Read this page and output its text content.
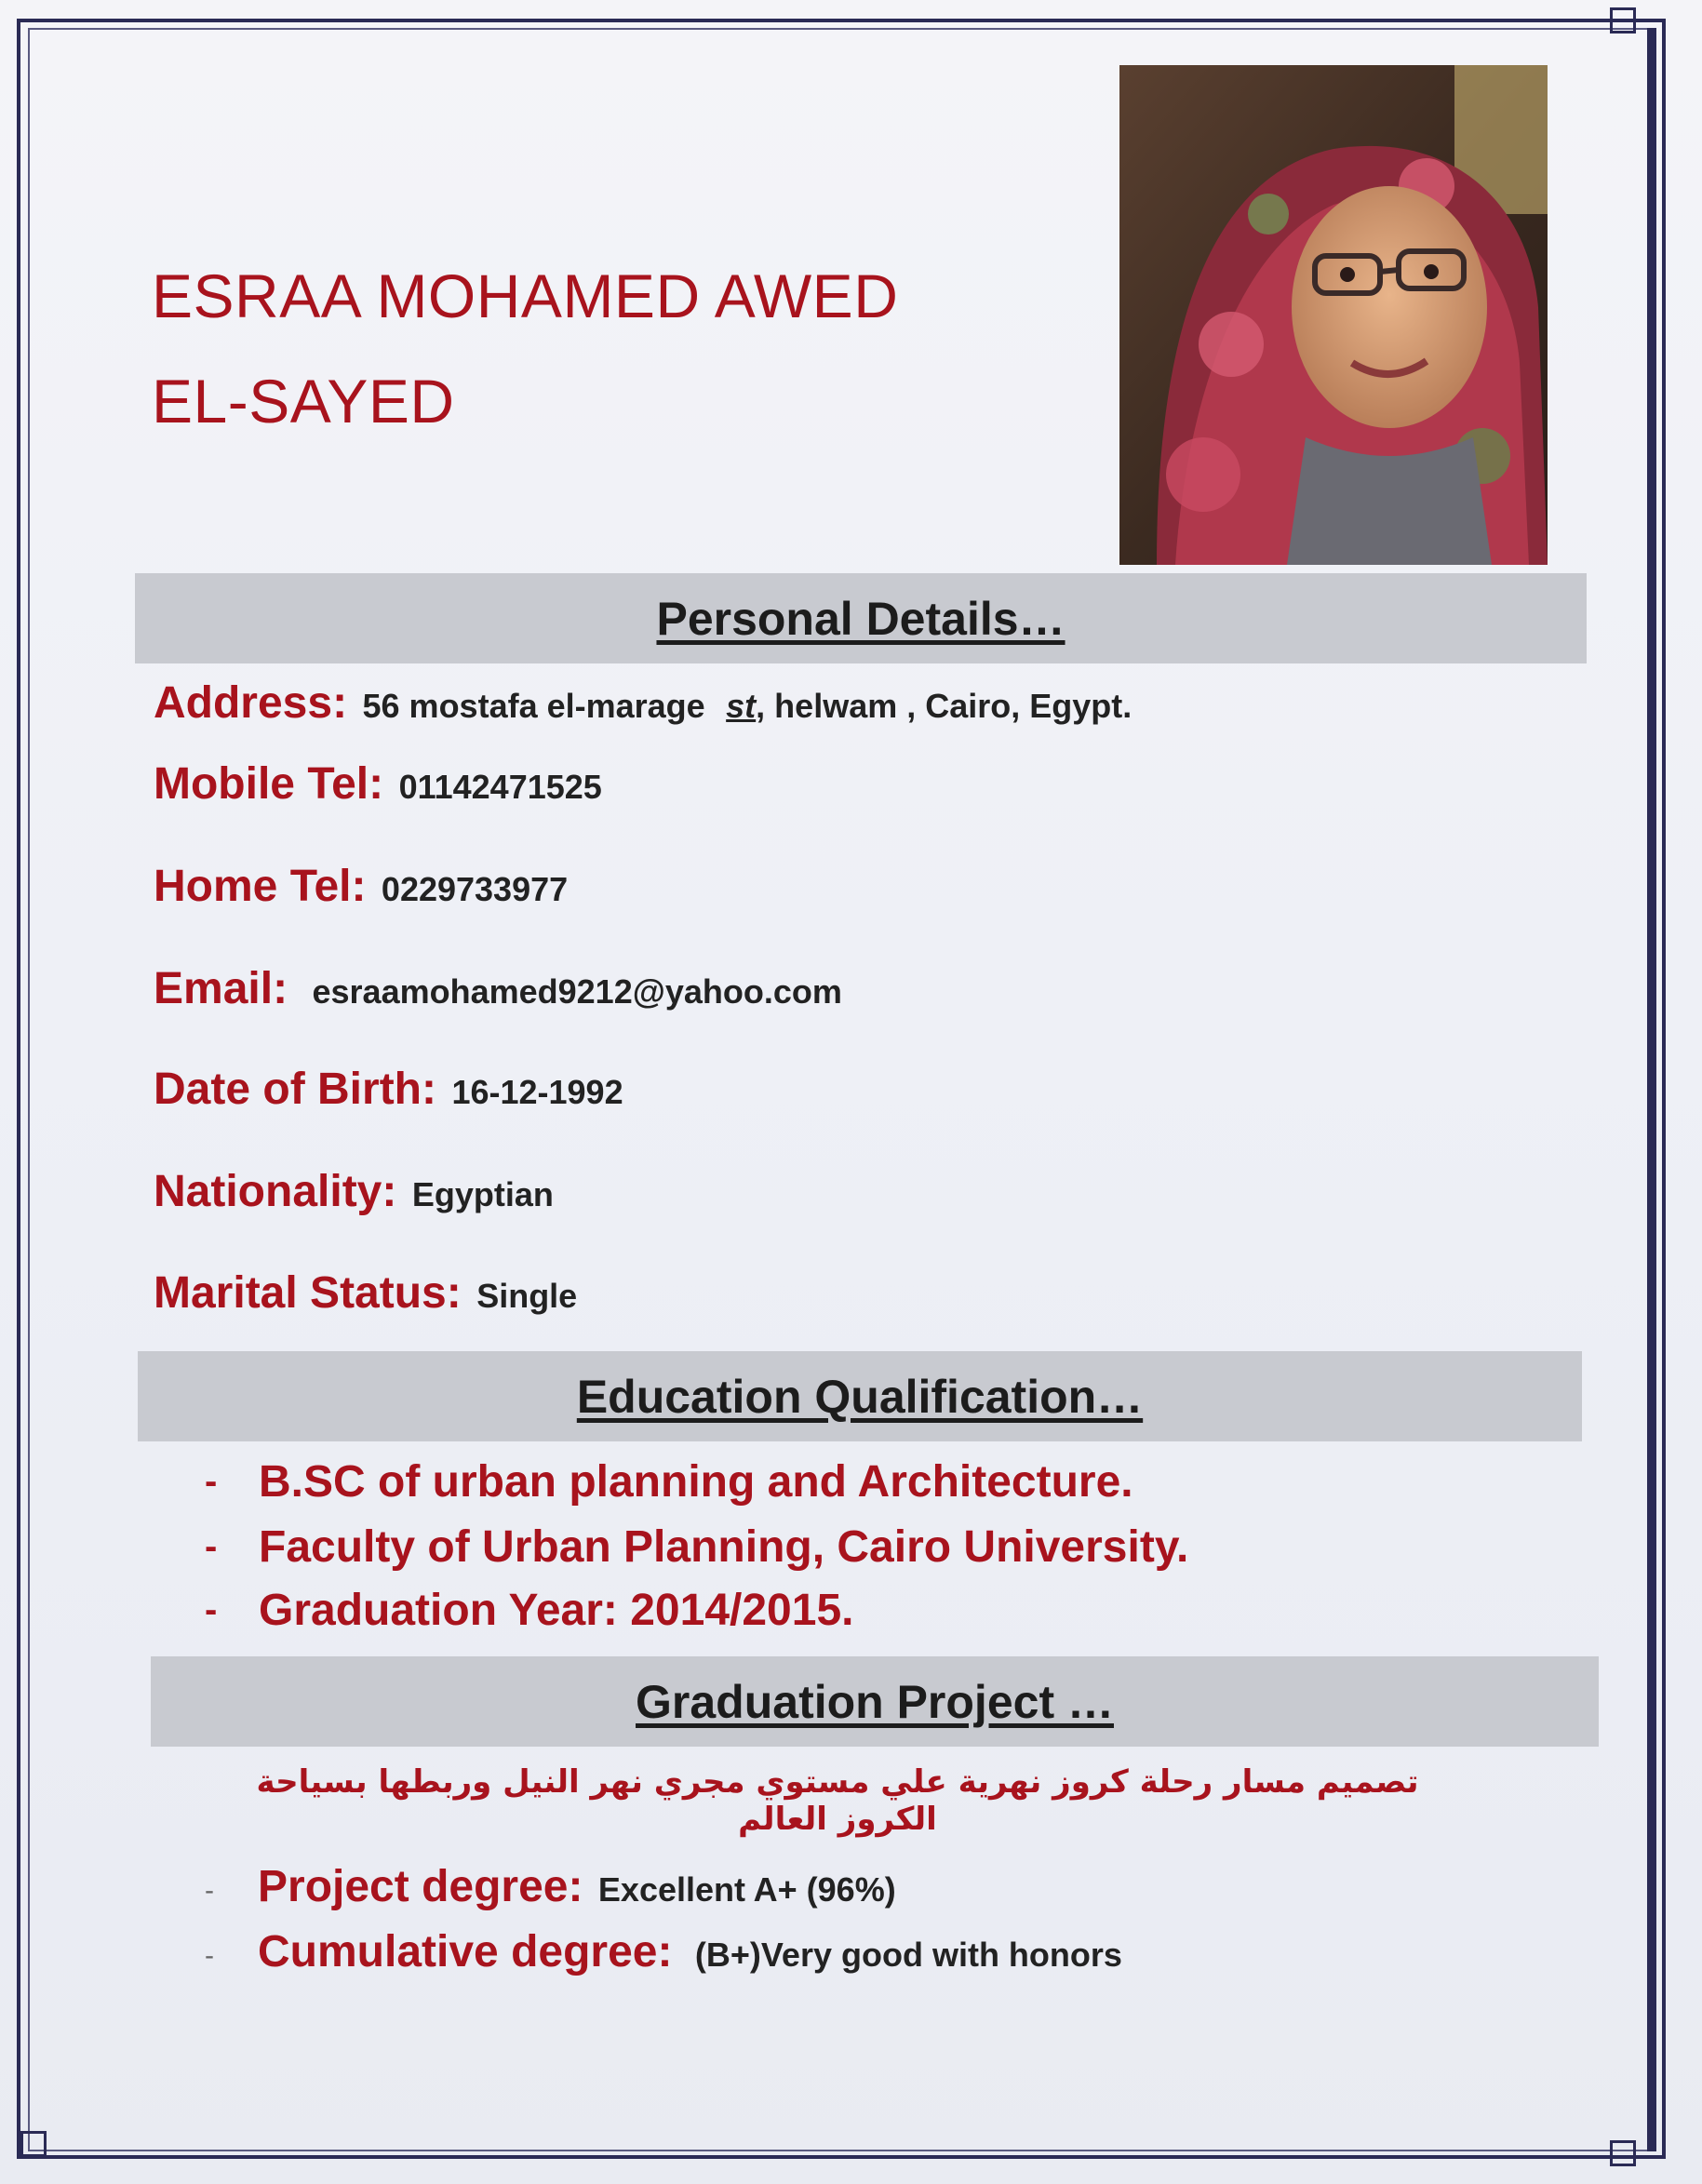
ESRAA MOHAMED AWED
EL-SAYED
Personal Details…
Address: 56 mostafa el-marage st, helwam , Cairo, Egypt.
Mobile Tel: 01142471525
Home Tel: 0229733977
Email: esraamohamed9212@yahoo.com
Date of Birth: 16-12-1992
Nationality: Egyptian
Marital Status: Single
Education Qualification…
- B.SC of urban planning and Architecture.
- Faculty of Urban Planning, Cairo University.
- Graduation Year: 2014/2015.
Graduation Project …
تصميم مسار رحلة كروز نهرية علي مستوي مجري نهر النيل وربطها بسياحة الكروز العالم
- Project degree: Excellent A+ (96%)
- Cumulative degree: (B+)Very good with honors
